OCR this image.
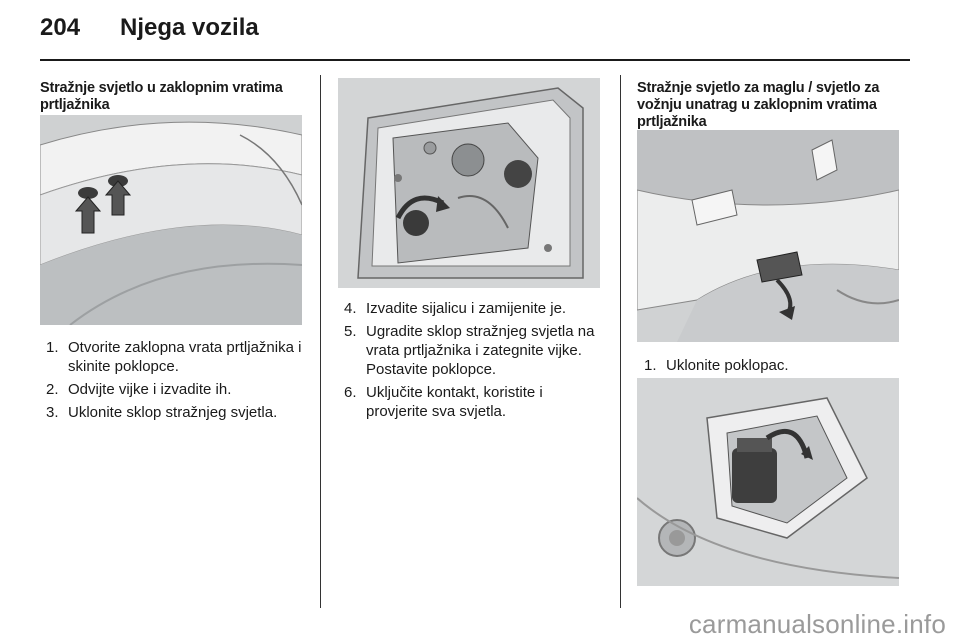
204	Njega vozila
Stražnje svjetlo u zaklopnim vratima prtljažnika
1. Otvorite zaklopna vrata prtljažnika i skinite poklopce.
2. Odvijte vijke i izvadite ih.
3. Uklonite sklop stražnjeg svjetla.
4. Izvadite sijalicu i zamijenite je.
5. Ugradite sklop stražnjeg svjetla na vrata prtljažnika i zategnite vijke. Postavite poklopce.
6. Uključite kontakt, koristite i provjerite sva svjetla.
Stražnje svjetlo za maglu / svjetlo za vožnju unatrag u zaklopnim vratima prtljažnika
1. Uklonite poklopac.
carmanualsonline.info
